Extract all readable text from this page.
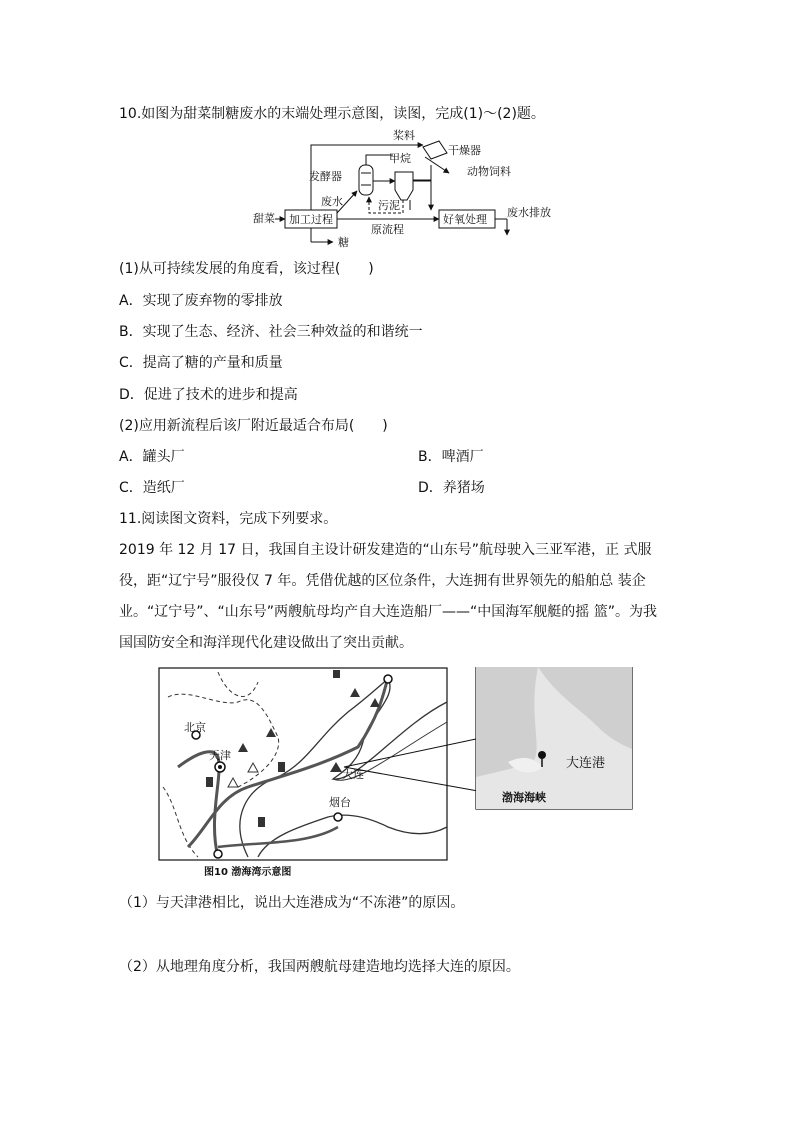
10.如图为甜菜制糖废水的末端处理示意图，读图，完成(1)～(2)题。
桨料
干燥器
甲烷
动物饲料
发酵器
废水	污泥
甜菜 加工过程
原流程
好氧处理
废水排放
糖
(1)从可持续发展的角度看，该过程(　　)
A．实现了废弃物的零排放
B．实现了生态、经济、社会三种效益的和谐统一
C．提高了糖的产量和质量
D．促进了技术的进步和提高
(2)应用新流程后该厂附近最适合布局(　　)
A．罐头厂	B．啤酒厂
C．造纸厂	D．养猪场
11.阅读图文资料，完成下列要求。
2019 年 12 月 17 日，我国自主设计研发建造的“山东号”航母驶入三亚军港，正 式服役，距“辽宁号”服役仅 7 年。凭借优越的区位条件，大连拥有世界领先的船舶总 装企业。“辽宁号”、“山东号”两艘航母均产自大连造船厂——“中国海军舰艇的摇 篮”。为我国国防安全和海洋现代化建设做出了突出贡献。
北京
天津
大连
烟台
图10 渤海湾示意图
大连港
渤海海峡
（1）与天津港相比，说出大连港成为“不冻港”的原因。
（2）从地理角度分析，我国两艘航母建造地均选择大连的原因。
